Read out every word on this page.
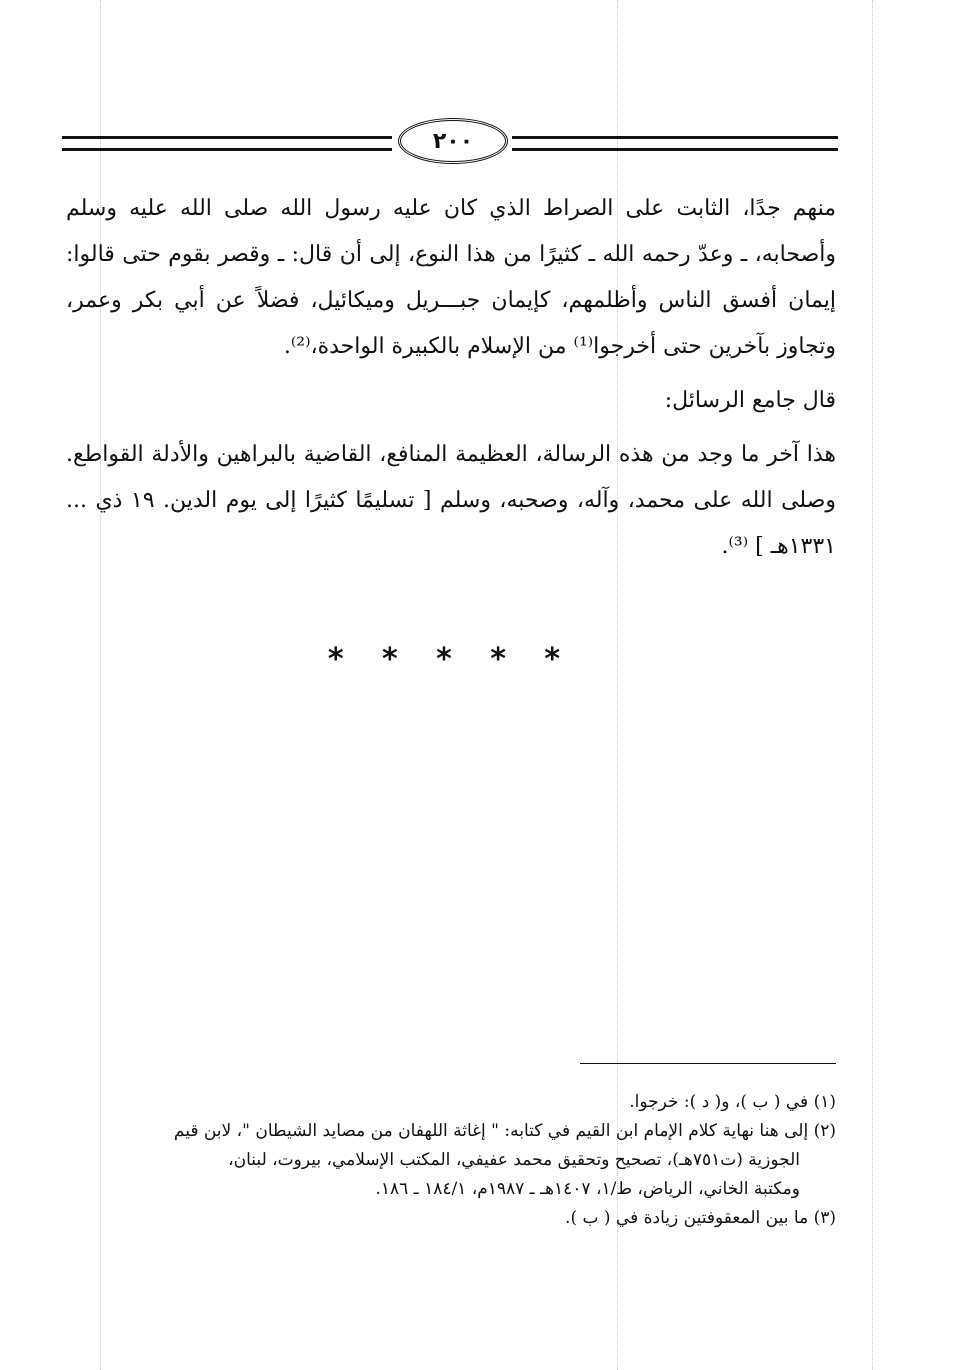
٢٠٠

منهم جدًا، الثابت على الصراط الذي كان عليه رسول الله صلى الله عليه وسلم وأصحابه، ـ وعدّ رحمه الله ـ كثيرًا من هذا النوع، إلى أن قال: ـ وقصر بقوم حتى قالوا: إيمان أفسق الناس وأظلمهم، كإيمان جبـــريل وميكائيل، فضلاً عن أبي بكر وعمر، وتجاوز بآخرين حتى أخرجوا⁽¹⁾ من الإسلام بالكبيرة الواحدة،⁽²⁾.

قال جامع الرسائل:

هذا آخر ما وجد من هذه الرسالة، العظيمة المنافع، القاضية بالبراهين والأدلة القواطع. وصلى الله على محمد، وآله، وصحبه، وسلم [ تسليمًا كثيرًا إلى يوم الدين. ١٩ ذي ... ١٣٣١هـ ] ⁽³⁾.

* * * * *

(١) في ( ب )، و( د ): خرجوا.

(٢) إلى هنا نهاية كلام الإمام ابن القيم في كتابه: " إغاثة اللهفان من مصايد الشيطان "، لابن قيم

الجوزية (ت٧٥١هـ)، تصحيح وتحقيق محمد عفيفي، المكتب الإسلامي، بيروت، لبنان،

ومكتبة الخاني، الرياض، ط/١، ١٤٠٧هـ ـ ١٩٨٧م، ١٨٤/١ ـ ١٨٦.

(٣) ما بين المعقوفتين زيادة في ( ب ).
